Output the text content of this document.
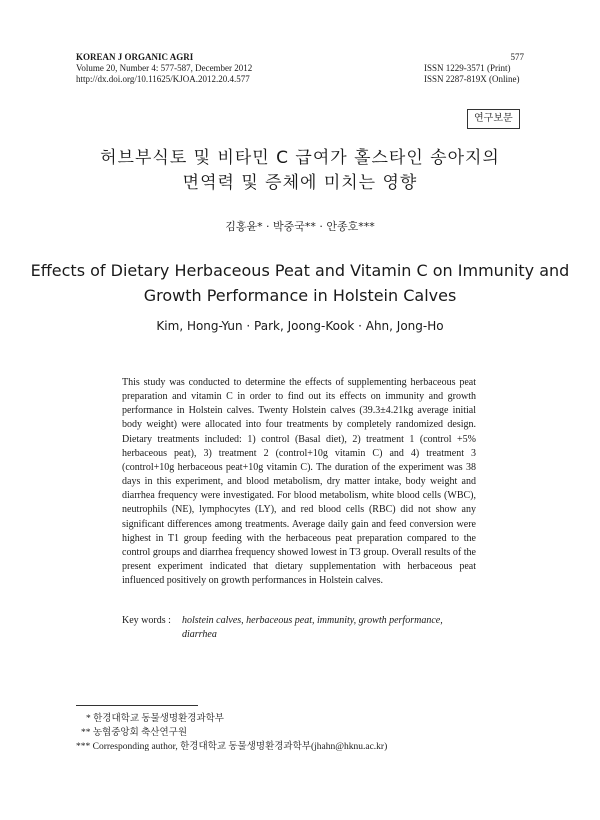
KOREAN J ORGANIC AGRI
Volume 20, Number 4: 577-587, December 2012
http://dx.doi.org/10.11625/KJOA.2012.20.4.577
577
ISSN 1229-3571 (Print)
ISSN 2287-819X (Online)
연구보문
허브부식토 및 비타민 C 급여가 홀스타인 송아지의
면역력 및 증체에 미치는 영향
김홍윤* · 박중국** · 안종호***
Effects of Dietary Herbaceous Peat and Vitamin C on Immunity and
Growth Performance in Holstein Calves
Kim, Hong-Yun · Park, Joong-Kook · Ahn, Jong-Ho
This study was conducted to determine the effects of supplementing herbaceous peat preparation and vitamin C in order to find out its effects on immunity and growth performance in Holstein calves. Twenty Holstein calves (39.3±4.21kg average initial body weight) were allocated into four treatments by completely randomized design. Dietary treatments included: 1) control (Basal diet), 2) treatment 1 (control +5% herbaceous peat), 3) treatment 2 (control+10g vitamin C) and 4) treatment 3 (control+10g herbaceous peat+10g vitamin C). The duration of the experiment was 38 days in this experiment, and blood metabolism, dry matter intake, body weight and diarrhea frequency were investigated. For blood metabolism, white blood cells (WBC), neutrophils (NE), lymphocytes (LY), and red blood cells (RBC) did not show any significant differences among treatments. Average daily gain and feed conversion were highest in T1 group feeding with the herbaceous peat preparation compared to the control groups and diarrhea frequency showed lowest in T3 group. Overall results of the present experiment indicated that dietary supplementation with herbaceous peat influenced positively on growth performances in Holstein calves.
Key words : holstein calves, herbaceous peat, immunity, growth performance, diarrhea
* 한경대학교 동물생명환경과학부
** 농협중앙회 축산연구원
*** Corresponding author, 한경대학교 동물생명환경과학부(jhahn@hknu.ac.kr)
